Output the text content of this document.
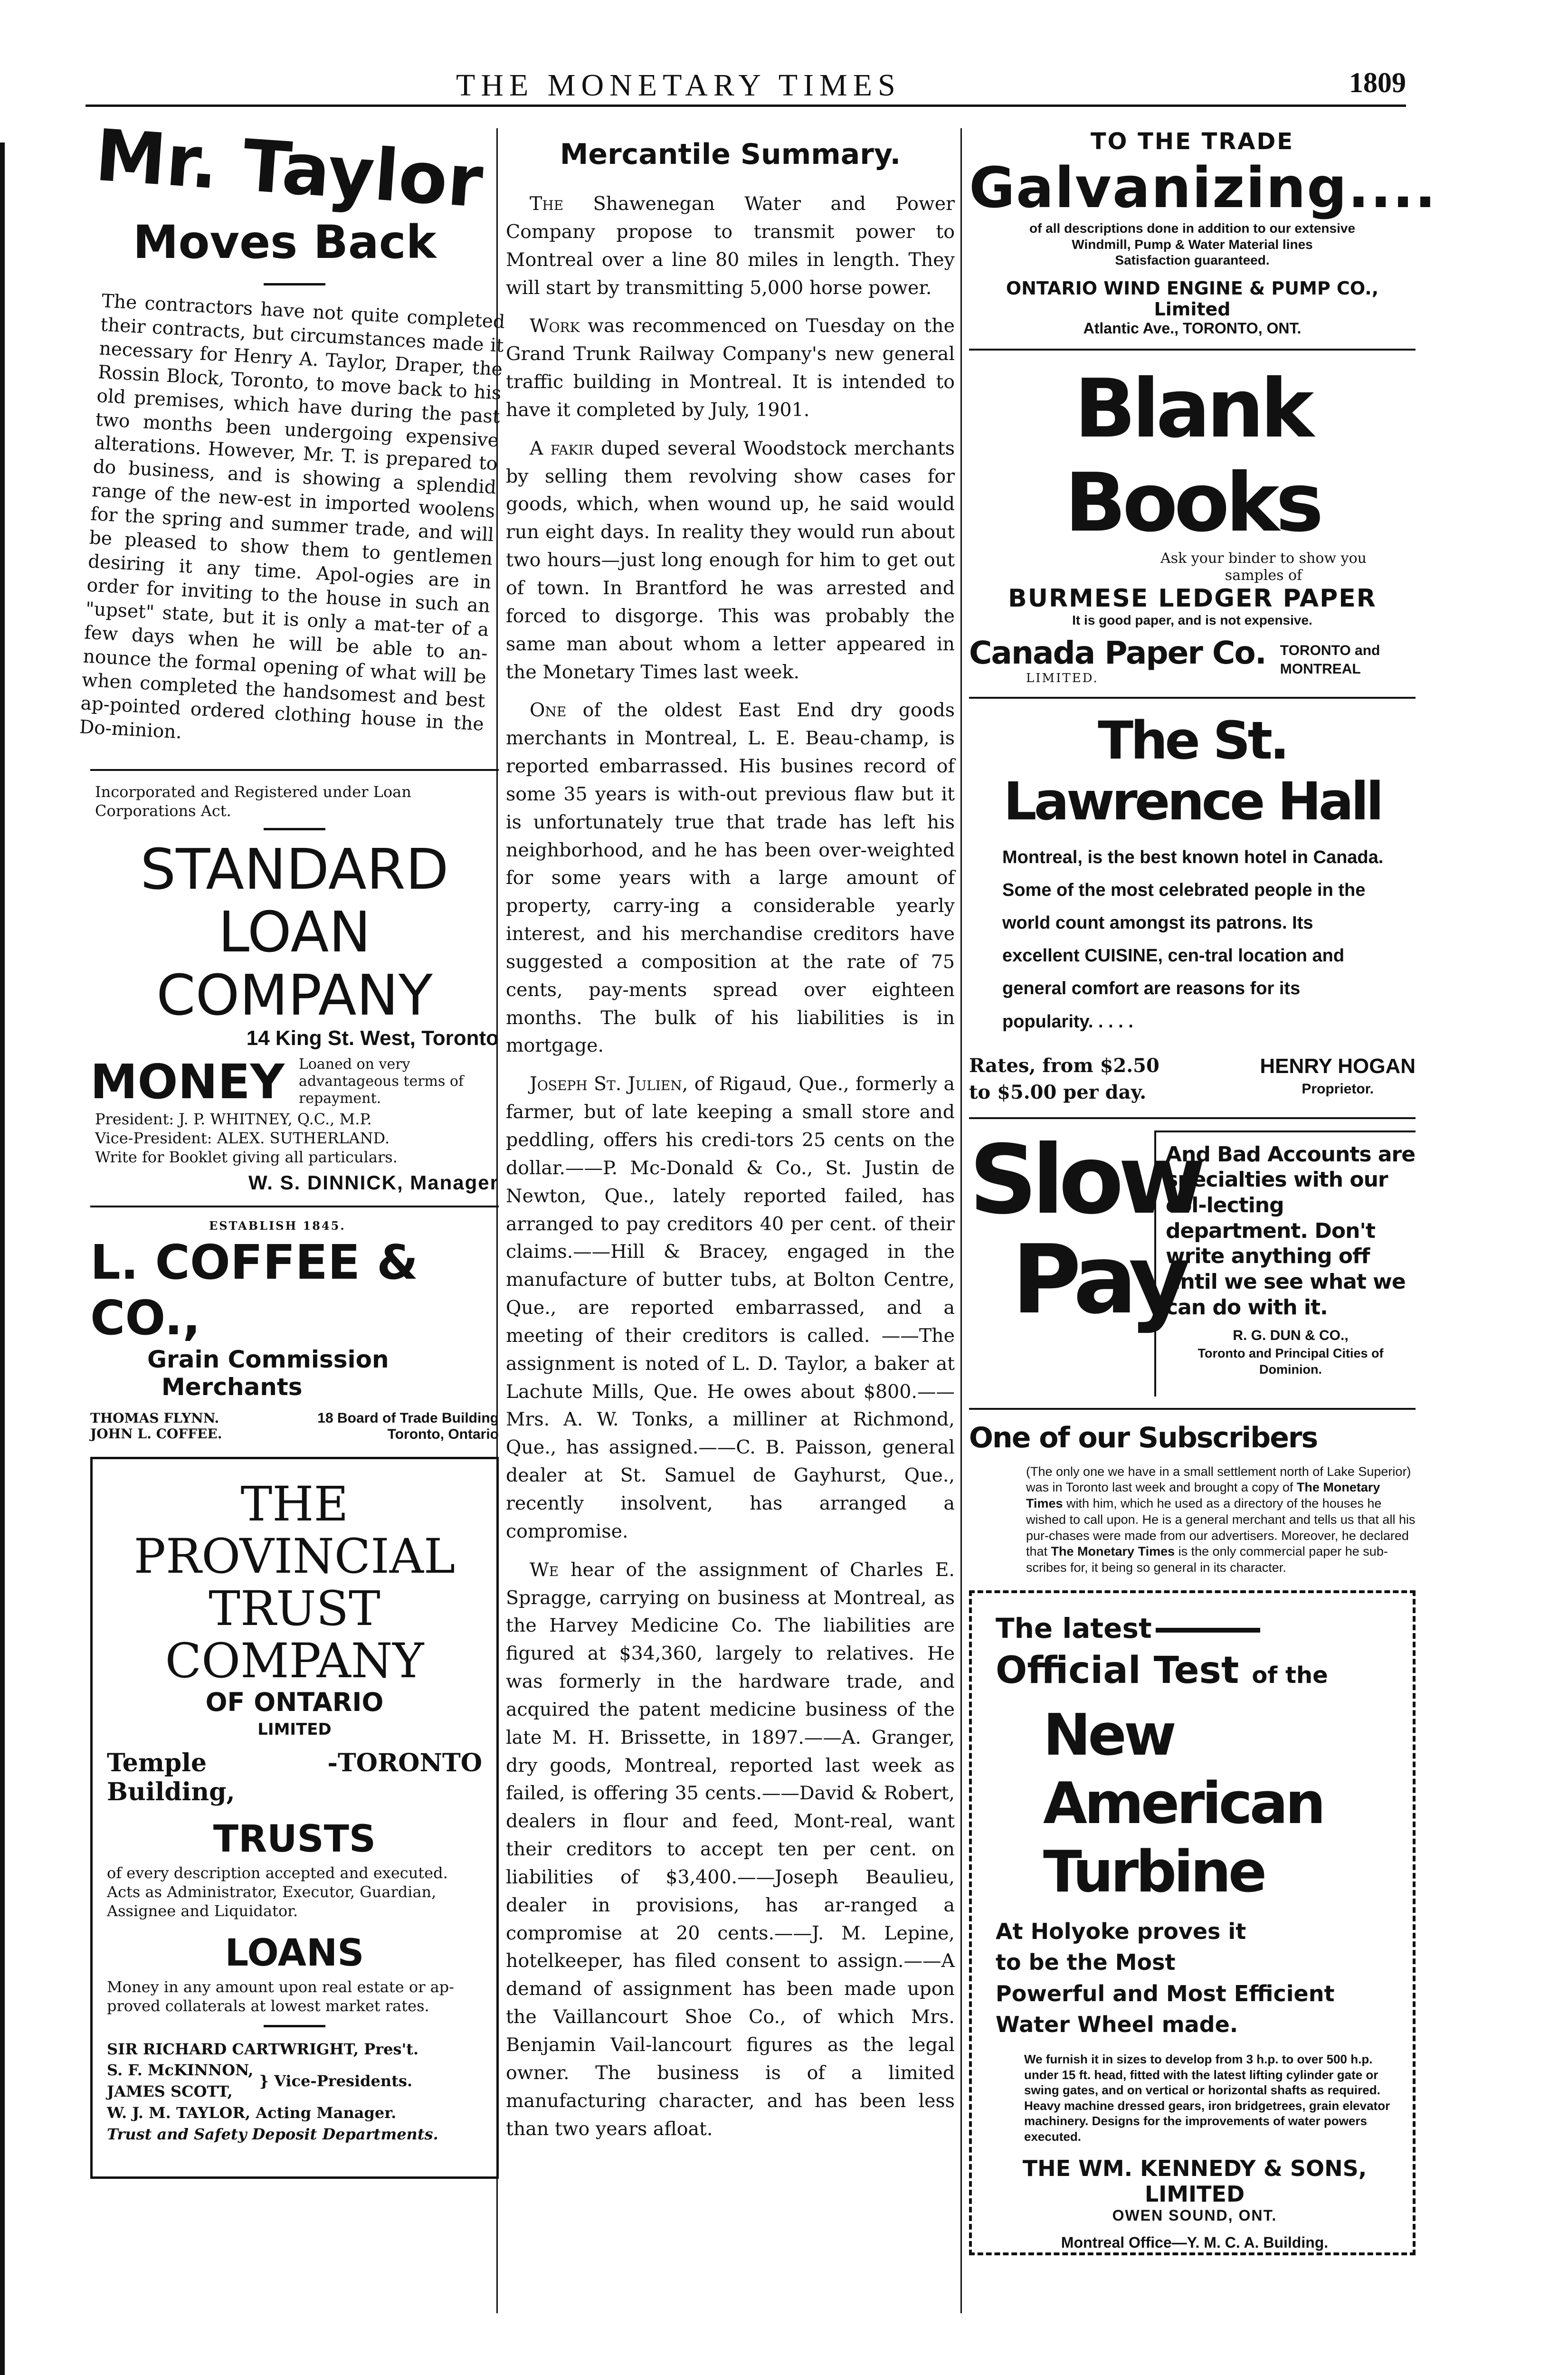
THE MONETARY TIMES	1809
Mr. Taylor
Moves Back
The contractors have not quite completed their contracts, but circumstances made it necessary for Henry A. Taylor, Draper, the Rossin Block, Toronto, to move back to his old premises, which have during the past two months been undergoing expensive alterations. However, Mr. T. is prepared to do business, and is showing a splendid range of the new-est in imported woolens for the spring and summer trade, and will be pleased to show them to gentlemen desiring it any time. Apol-ogies are in order for inviting to the house in such an "upset" state, but it is only a mat-ter of a few days when he will be able to an-nounce the formal opening of what will be when completed the handsomest and best ap-pointed ordered clothing house in the Do-minion.
Incorporated and Registered under Loan Corporations Act.
STANDARD
LOAN
COMPANY
14 King St. West, Toronto
MONEY Loaned on very advantageous terms of repayment.
President: J. P. WHITNEY, Q.C., M.P.
Vice-President: ALEX. SUTHERLAND.
Write for Booklet giving all particulars.
W. S. DINNICK, Manager
ESTABLISH 1845.
L. COFFEE & CO.,
Grain Commission
Merchants
THOMAS FLYNN.
JOHN L. COFFEE.
18 Board of Trade Building
Toronto, Ontario
THE
PROVINCIAL
TRUST
COMPANY
OF ONTARIO
LIMITED
Temple Building,
- TORONTO
TRUSTS
of every description accepted and executed. Acts as Administrator, Executor, Guardian, Assignee and Liquidator.
LOANS
Money in any amount upon real estate or ap-proved collaterals at lowest market rates.
SIR RICHARD CARTWRIGHT, Pres't.
S. F. McKINNON,
JAMES SCOTT,
} Vice-Presidents.
W. J. M. TAYLOR, Acting Manager.
Trust and Safety Deposit Departments.
Mercantile Summary.

The Shawenegan Water and Power Company propose to transmit power to Montreal over a line 80 miles in length. They will start by transmitting 5,000 horse power.

Work was recommenced on Tuesday on the Grand Trunk Railway Company's new general traffic building in Montreal. It is intended to have it completed by July, 1901.

A fakir duped several Woodstock merchants by selling them revolving show cases for goods, which, when wound up, he said would run eight days. In reality they would run about two hours—just long enough for him to get out of town. In Brantford he was arrested and forced to disgorge. This was probably the same man about whom a letter appeared in the Monetary Times last week.

One of the oldest East End dry goods merchants in Montreal, L. E. Beau-champ, is reported embarrassed. His busines record of some 35 years is with-out previous flaw but it is unfortunately true that trade has left his neighborhood, and he has been over-weighted for some years with a large amount of property, carry-ing a considerable yearly interest, and his merchandise creditors have suggested a composition at the rate of 75 cents, pay-ments spread over eighteen months. The bulk of his liabilities is in mortgage.

Joseph St. Julien, of Rigaud, Que., formerly a farmer, but of late keeping a small store and peddling, offers his credi-tors 25 cents on the dollar.——P. Mc-Donald & Co., St. Justin de Newton, Que., lately reported failed, has arranged to pay creditors 40 per cent. of their claims.——Hill & Bracey, engaged in the manufacture of butter tubs, at Bolton Centre, Que., are reported embarrassed, and a meeting of their creditors is called. ——The assignment is noted of L. D. Taylor, a baker at Lachute Mills, Que. He owes about $800.——Mrs. A. W. Tonks, a milliner at Richmond, Que., has assigned.——C. B. Paisson, general dealer at St. Samuel de Gayhurst, Que., recently insolvent, has arranged a compromise.

We hear of the assignment of Charles E. Spragge, carrying on business at Montreal, as the Harvey Medicine Co. The liabilities are figured at $34,360, largely to relatives. He was formerly in the hardware trade, and acquired the patent medicine business of the late M. H. Brissette, in 1897.——A. Granger, dry goods, Montreal, reported last week as failed, is offering 35 cents.——David & Robert, dealers in flour and feed, Mont-real, want their creditors to accept ten per cent. on liabilities of $3,400.——Joseph Beaulieu, dealer in provisions, has ar-ranged a compromise at 20 cents.——J. M. Lepine, hotelkeeper, has filed consent to assign.——A demand of assignment has been made upon the Vaillancourt Shoe Co., of which Mrs. Benjamin Vail-lancourt figures as the legal owner. The business is of a limited manufacturing character, and has been less than two years afloat.

TO THE TRADE
Galvanizing....
of all descriptions done in addition to our extensive
Windmill, Pump & Water Material lines
Satisfaction guaranteed.
ONTARIO WIND ENGINE & PUMP CO., Limited
Atlantic Ave., TORONTO, ONT.
Blank Books
Ask your binder to show you
samples of
BURMESE LEDGER PAPER
It is good paper, and is not expensive.
Canada Paper Co.
LIMITED.
TORONTO and
MONTREAL
The St. Lawrence Hall
Montreal, is the best known hotel in Canada. Some of the most celebrated people in the world count amongst its patrons. Its excellent CUISINE, cen-tral location and general comfort are reasons for its popularity. . . . .
Rates, from $2.50
to $5.00 per day.
HENRY HOGAN
Proprietor.
Slow
Pay
And Bad Accounts are specialties with our col-lecting department. Don't write anything off until we see what we can do with it.
R. G. DUN & CO.,
Toronto and Principal Cities of Dominion.
One of our Subscribers
(The only one we have in a small settlement north of Lake Superior) was in Toronto last week and brought a copy of The Monetary Times with him, which he used as a directory of the houses he wished to call upon. He is a general merchant and tells us that all his pur-chases were made from our advertisers. Moreover, he declared that The Monetary Times is the only commercial paper he sub-scribes for, it being so general in its character.
The latest
Official Test of the
New American
Turbine
At Holyoke proves it
to be the Most
Powerful and Most Efficient
Water Wheel made.
We furnish it in sizes to develop from 3 h.p. to over 500 h.p. under 15 ft. head, fitted with the latest lifting cylinder gate or swing gates, and on vertical or horizontal shafts as required. Heavy machine dressed gears, iron bridgetrees, grain elevator machinery. Designs for the improvements of water powers executed.
THE WM. KENNEDY & SONS, LIMITED
OWEN SOUND, ONT.
Montreal Office—Y. M. C. A. Building.
